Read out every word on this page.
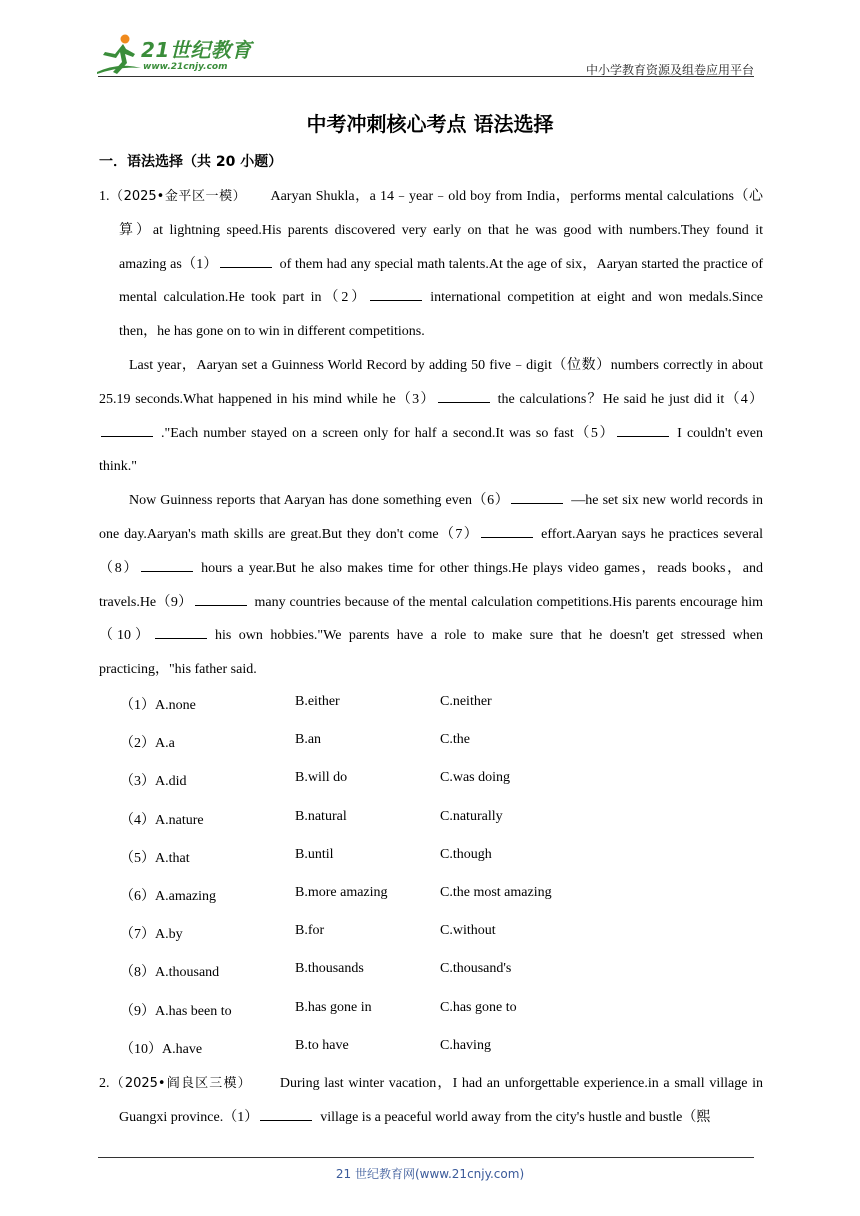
21世纪教育
www.21cnjy.com	中小学教育资源及组卷应用平台
中考冲刺核心考点 语法选择
一．语法选择（共 20 小题）

1.（2025•金平区一模） Aaryan Shukla，a 14﹣year﹣old boy from India，performs mental calculations（心算）at lightning speed.His parents discovered very early on that he was good with numbers.They found it amazing as（1）	of them had any special math talents.At the age of six，Aaryan started the practice of mental calculation.He took part in（2）	international competition at eight and won medals.Since then，he has gone on to win in different competitions.

Last year，Aaryan set a Guinness World Record by adding 50 five﹣digit（位数）numbers correctly in about 25.19 seconds.What happened in his mind while he（3）	the calculations？He said he just did it（4）."Each number stayed on a screen only for half a second.It was so fast（5）	I couldn't even think."

Now Guinness reports that Aaryan has done something even（6）	—he set six new world records in one day.Aaryan's math skills are great.But they don't come（7）	effort.Aaryan says he practices several（8）	hours a year.But he also makes time for other things.He plays video games，reads books，and travels.He（9）	many countries because of the mental calculation competitions.His parents encourage him（10）	his own hobbies."We parents have a role to make sure that he doesn't get stressed when practicing，"his father said.

（1）A.none	B.either	C.neither
（2）A.a	B.an	C.the
（3）A.did	B.will do	C.was doing
（4）A.nature	B.natural	C.naturally
（5）A.that	B.until	C.though
（6）A.amazing	B.more amazing	C.the most amazing
（7）A.by	B.for	C.without
（8）A.thousand	B.thousands	C.thousand's
（9）A.has been to	B.has gone in	C.has gone to
（10）A.have	B.to have	C.having

2.（2025•阎良区三模） During last winter vacation，I had an unforgettable experience.in a small village in Guangxi province.（1）	village is a peaceful world away from the city's hustle and bustle（熙

21 世纪教育网(www.21cnjy.com)
